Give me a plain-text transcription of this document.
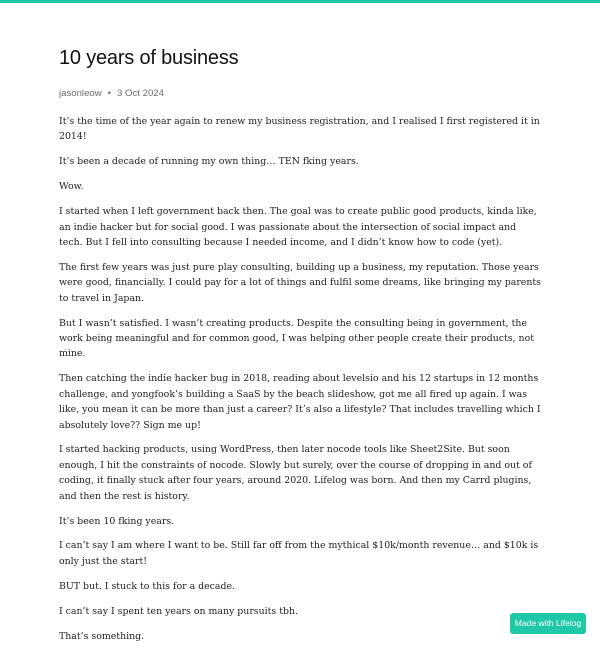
10 years of business
jasonleow • 3 Oct 2024

It’s the time of the year again to renew my business registration, and I realised I first registered it in 2014!

It’s been a decade of running my own thing… TEN fking years.

Wow.

I started when I left government back then. The goal was to create public good products, kinda like, an indie hacker but for social good. I was passionate about the intersection of social impact and tech. But I fell into consulting because I needed income, and I didn’t know how to code (yet).

The first few years was just pure play consulting, building up a business, my reputation. Those years were good, financially. I could pay for a lot of things and fulfil some dreams, like bringing my parents to travel in Japan.

But I wasn’t satisfied. I wasn’t creating products. Despite the consulting being in government, the work being meaningful and for common good, I was helping other people create their products, not mine.

Then catching the indie hacker bug in 2018, reading about levelsio and his 12 startups in 12 months challenge, and yongfook’s building a SaaS by the beach slideshow, got me all fired up again. I was like, you mean it can be more than just a career? It’s also a lifestyle? That includes travelling which I absolutely love?? Sign me up!

I started hacking products, using WordPress, then later nocode tools like Sheet2Site. But soon enough, I hit the constraints of nocode. Slowly but surely, over the course of dropping in and out of coding, it finally stuck after four years, around 2020. Lifelog was born. And then my Carrd plugins, and then the rest is history.

It’s been 10 fking years.

I can’t say I am where I want to be. Still far off from the mythical $10k/month revenue… and $10k is only just the start!

BUT but. I stuck to this for a decade.

I can’t say I spent ten years on many pursuits tbh.

That’s something.

Made with Lifelog
